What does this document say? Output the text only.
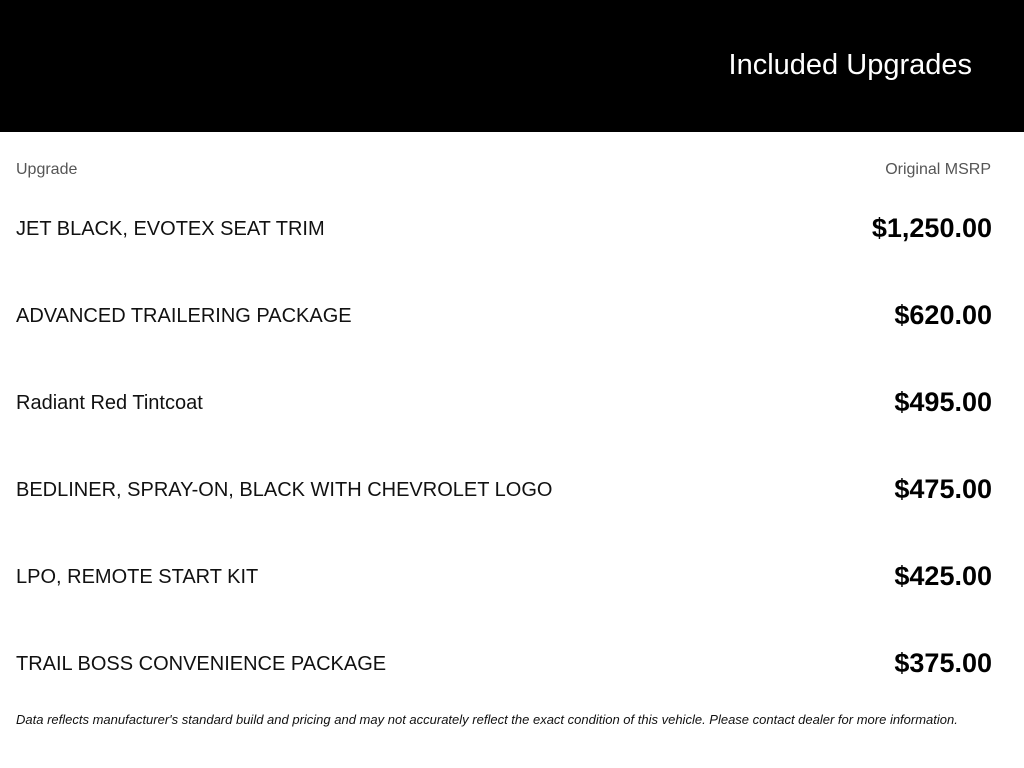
Included Upgrades
Upgrade	Original MSRP
JET BLACK, EVOTEX SEAT TRIM	$1,250.00
ADVANCED TRAILERING PACKAGE	$620.00
Radiant Red Tintcoat	$495.00
BEDLINER, SPRAY-ON, BLACK WITH CHEVROLET LOGO	$475.00
LPO, REMOTE START KIT	$425.00
TRAIL BOSS CONVENIENCE PACKAGE	$375.00
Data reflects manufacturer's standard build and pricing and may not accurately reflect the exact condition of this vehicle. Please contact dealer for more information.
